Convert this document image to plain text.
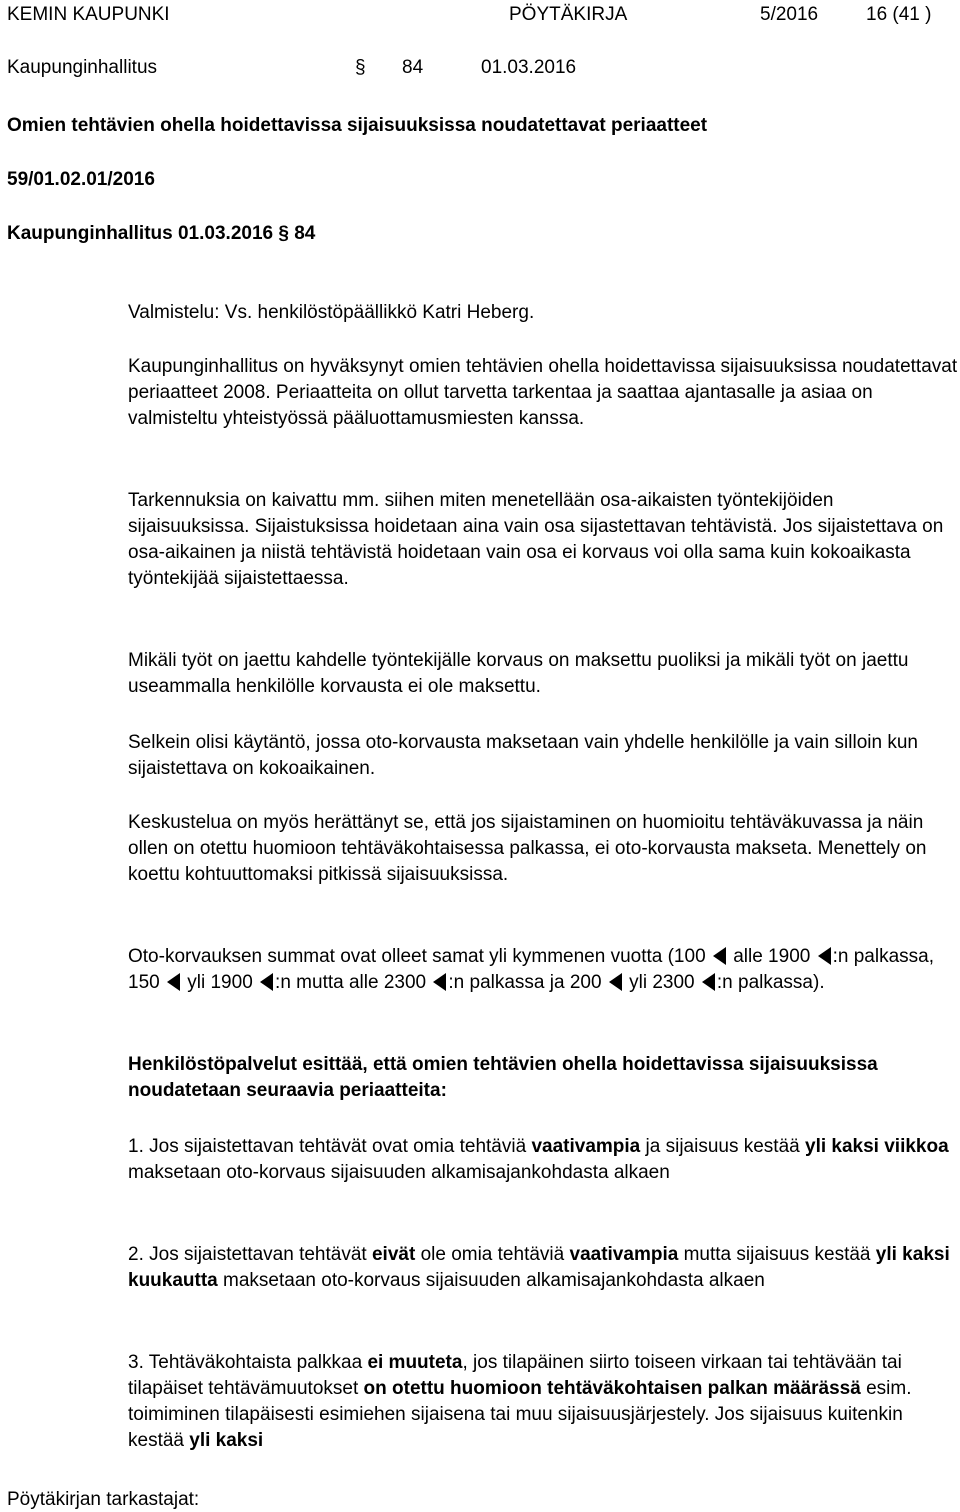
KEMIN KAUPUNKI	PÖYTÄKIRJA	5/2016	16 (41 )
Kaupunginhallitus	§ 84	01.03.2016
Omien tehtävien ohella hoidettavissa sijaisuuksissa noudatettavat periaatteet
59/01.02.01/2016
Kaupunginhallitus 01.03.2016 § 84

Valmistelu: Vs. henkilöstöpäällikkö Katri Heberg.

Kaupunginhallitus on hyväksynyt omien tehtävien ohella hoidettavissa sijaisuuksissa noudatettavat periaatteet 2008. Periaatteita on ollut tarvetta tarkentaa ja saattaa ajantasalle ja asiaa on valmisteltu yhteistyössä pääluottamusmiesten kanssa.

Tarkennuksia on kaivattu mm. siihen miten menetellään osa-aikaisten työntekijöiden sijaisuuksissa. Sijaistuksissa hoidetaan aina vain osa sijastettavan tehtävistä. Jos sijaistettava on osa-aikainen ja niistä tehtävistä hoidetaan vain osa ei korvaus voi olla sama kuin kokoaikasta työntekijää sijaistettaessa.

Mikäli työt on jaettu kahdelle työntekijälle korvaus on maksettu puoliksi ja mikäli työt on jaettu useammalla henkilölle korvausta ei ole maksettu.

Selkein olisi käytäntö, jossa oto-korvausta maksetaan vain yhdelle henkilölle ja vain silloin kun sijaistettava on kokoaikainen.

Keskustelua on myös herättänyt se, että jos sijaistaminen on huomioitu tehtäväkuvassa ja näin ollen on otettu huomioon tehtäväkohtaisessa palkassa, ei oto-korvausta makseta. Menettely on koettu kohtuuttomaksi pitkissä sijaisuuksissa.

Oto-korvauksen summat ovat olleet samat yli kymmenen vuotta (100 alle 1900 :n palkassa, 150 yli 1900 :n mutta alle 2300 :n palkassa ja 200 yli 2300 :n palkassa).

Henkilöstöpalvelut esittää, että omien tehtävien ohella hoidettavissa sijaisuuksissa noudatetaan seuraavia periaatteita:

1. Jos sijaistettavan tehtävät ovat omia tehtäviä vaativampia ja sijaisuus kestää yli kaksi viikkoa maksetaan oto-korvaus sijaisuuden alkamisajankohdasta alkaen

2. Jos sijaistettavan tehtävät eivät ole omia tehtäviä vaativampia mutta sijaisuus kestää yli kaksi kuukautta maksetaan oto-korvaus sijaisuuden alkamisajankohdasta alkaen

3. Tehtäväkohtaista palkkaa ei muuteta, jos tilapäinen siirto toiseen virkaan tai tehtävään tai tilapäiset tehtävämuutokset on otettu huomioon tehtäväkohtaisen palkan määrässä esim. toimiminen tilapäisesti esimiehen sijaisena tai muu sijaisuusjärjestely. Jos sijaisuus kuitenkin kestää yli kaksi

Pöytäkirjan tarkastajat:
